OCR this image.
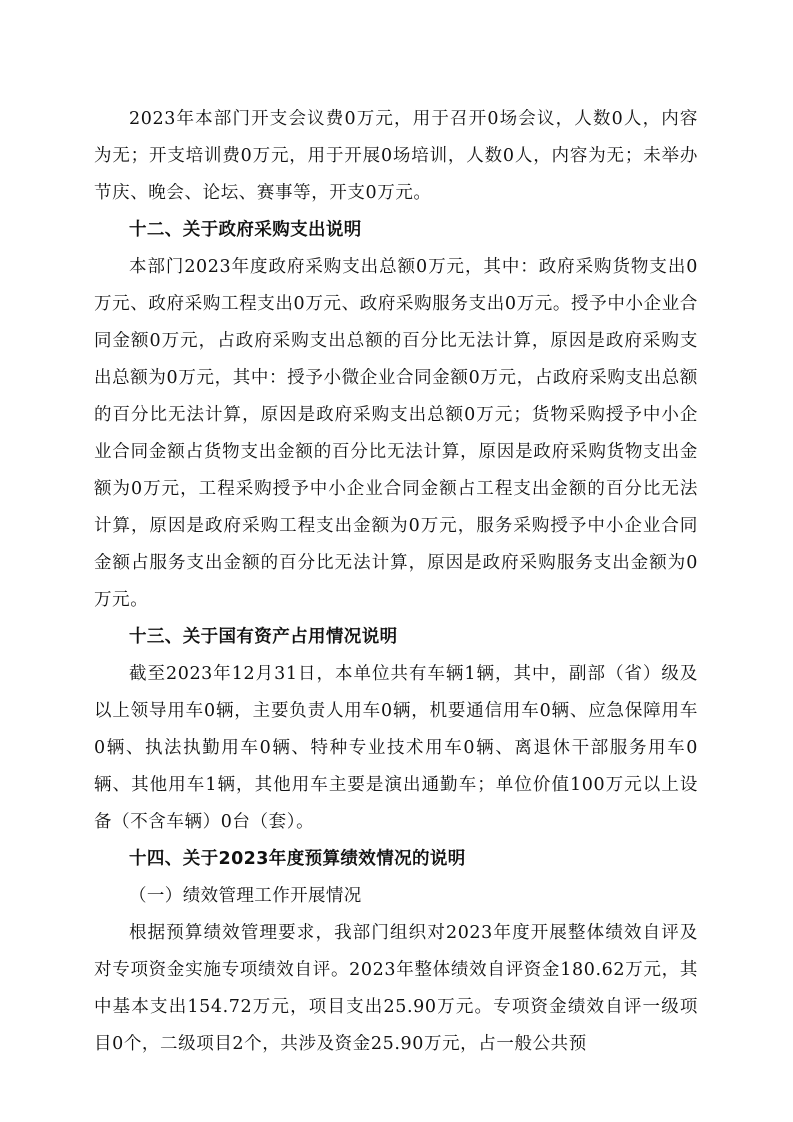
2023年本部门开支会议费0万元，用于召开0场会议，人数0人，内容为无；开支培训费0万元，用于开展0场培训，人数0人，内容为无；未举办节庆、晚会、论坛、赛事等，开支0万元。

十二、关于政府采购支出说明

本部门2023年度政府采购支出总额0万元，其中：政府采购货物支出0万元、政府采购工程支出0万元、政府采购服务支出0万元。授予中小企业合同金额0万元，占政府采购支出总额的百分比无法计算，原因是政府采购支出总额为0万元，其中：授予小微企业合同金额0万元，占政府采购支出总额的百分比无法计算，原因是政府采购支出总额0万元；货物采购授予中小企业合同金额占货物支出金额的百分比无法计算，原因是政府采购货物支出金额为0万元，工程采购授予中小企业合同金额占工程支出金额的百分比无法计算，原因是政府采购工程支出金额为0万元，服务采购授予中小企业合同金额占服务支出金额的百分比无法计算，原因是政府采购服务支出金额为0万元。

十三、关于国有资产占用情况说明

截至2023年12月31日，本单位共有车辆1辆，其中，副部（省）级及以上领导用车0辆，主要负责人用车0辆，机要通信用车0辆、应急保障用车0辆、执法执勤用车0辆、特种专业技术用车0辆、离退休干部服务用车0辆、其他用车1辆，其他用车主要是演出通勤车；单位价值100万元以上设备（不含车辆）0台（套）。

十四、关于2023年度预算绩效情况的说明

（一）绩效管理工作开展情况

根据预算绩效管理要求，我部门组织对2023年度开展整体绩效自评及对专项资金实施专项绩效自评。2023年整体绩效自评资金180.62万元，其中基本支出154.72万元，项目支出25.90万元。专项资金绩效自评一级项目0个，二级项目2个，共涉及资金25.90万元，占一般公共预
